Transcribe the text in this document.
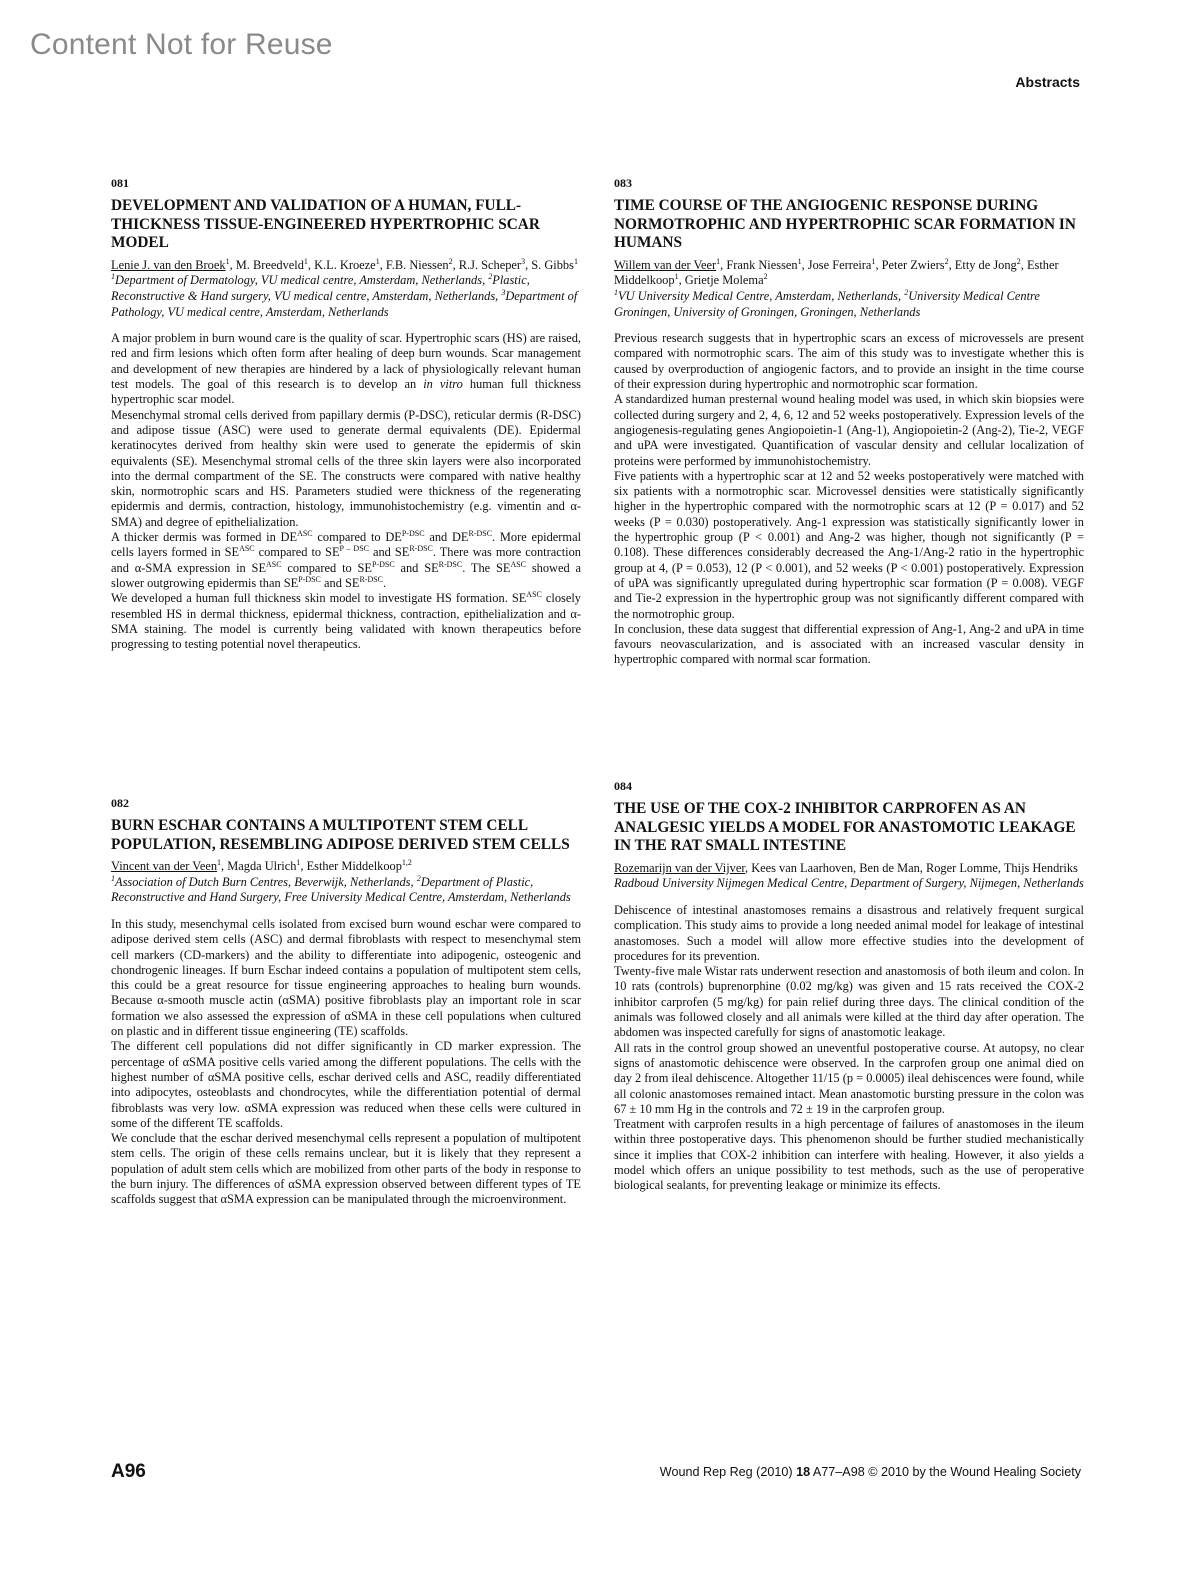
Content Not for Reuse
Abstracts
081
DEVELOPMENT AND VALIDATION OF A HUMAN, FULL-THICKNESS TISSUE-ENGINEERED HYPERTROPHIC SCAR MODEL
Lenie J. van den Broek$^1$, M. Breedveld$^1$, K.L. Kroeze$^1$, F.B. Niessen$^2$, R.J. Scheper$^3$, S. Gibbs$^1$
$^1$Department of Dermatology, VU medical centre, Amsterdam, Netherlands, $^2$Plastic, Reconstructive & Hand surgery, VU medical centre, Amsterdam, Netherlands, $^3$Department of Pathology, VU medical centre, Amsterdam, Netherlands

A major problem in burn wound care is the quality of scar. Hypertrophic scars (HS) are raised, red and firm lesions which often form after healing of deep burn wounds. Scar management and development of new therapies are hindered by a lack of physiologically relevant human test models. The goal of this research is to develop an in vitro human full thickness hypertrophic scar model.

Mesenchymal stromal cells derived from papillary dermis (P-DSC), reticular dermis (R-DSC) and adipose tissue (ASC) were used to generate dermal equivalents (DE). Epidermal keratinocytes derived from healthy skin were used to generate the epidermis of skin equivalents (SE). Mesenchymal stromal cells of the three skin layers were also incorporated into the dermal compartment of the SE. The constructs were compared with native healthy skin, normotrophic scars and HS. Parameters studied were thickness of the regenerating epidermis and dermis, contraction, histology, immunohistochemistry (e.g. vimentin and α-SMA) and degree of epithelialization.

A thicker dermis was formed in $DE^{ASC}$ compared to $DE^{P-DSC}$ and $DE^{R-DSC}$. More epidermal cells layers formed in $SE^{ASC}$ compared to $SE^{P - DSC}$ and $SE^{R-DSC}$. There was more contraction and α-SMA expression in $SE^{ASC}$ compared to $SE^{P-DSC}$ and $SE^{R-DSC}$. The $SE^{ASC}$ showed a slower outgrowing epidermis than $SE^{P-DSC}$ and $SE^{R-DSC}$.

We developed a human full thickness skin model to investigate HS formation. $SE^{ASC}$ closely resembled HS in dermal thickness, epidermal thickness, contraction, epithelialization and α-SMA staining. The model is currently being validated with known therapeutics before progressing to testing potential novel therapeutics.

082
BURN ESCHAR CONTAINS A MULTIPOTENT STEM CELL POPULATION, RESEMBLING ADIPOSE DERIVED STEM CELLS
Vincent van der Veen$^1$, Magda Ulrich$^1$, Esther Middelkoop$^{1,2}$
$^1$Association of Dutch Burn Centres, Beverwijk, Netherlands, $^2$Department of Plastic, Reconstructive and Hand Surgery, Free University Medical Centre, Amsterdam, Netherlands

In this study, mesenchymal cells isolated from excised burn wound eschar were compared to adipose derived stem cells (ASC) and dermal fibroblasts with respect to mesenchymal stem cell markers (CD-markers) and the ability to differentiate into adipogenic, osteogenic and chondrogenic lineages. If burn Eschar indeed contains a population of multipotent stem cells, this could be a great resource for tissue engineering approaches to healing burn wounds. Because α-smooth muscle actin (αSMA) positive fibroblasts play an important role in scar formation we also assessed the expression of αSMA in these cell populations when cultured on plastic and in different tissue engineering (TE) scaffolds.

The different cell populations did not differ significantly in CD marker expression. The percentage of αSMA positive cells varied among the different populations. The cells with the highest number of αSMA positive cells, eschar derived cells and ASC, readily differentiated into adipocytes, osteoblasts and chondrocytes, while the differentiation potential of dermal fibroblasts was very low. αSMA expression was reduced when these cells were cultured in some of the different TE scaffolds.

We conclude that the eschar derived mesenchymal cells represent a population of multipotent stem cells. The origin of these cells remains unclear, but it is likely that they represent a population of adult stem cells which are mobilized from other parts of the body in response to the burn injury. The differences of αSMA expression observed between different types of TE scaffolds suggest that αSMA expression can be manipulated through the microenvironment.

083
TIME COURSE OF THE ANGIOGENIC RESPONSE DURING NORMOTROPHIC AND HYPERTROPHIC SCAR FORMATION IN HUMANS
Willem van der Veer$^1$, Frank Niessen$^1$, Jose Ferreira$^1$, Peter Zwiers$^2$, Etty de Jong$^2$, Esther Middelkoop$^1$, Grietje Molema$^2$
$^1$VU University Medical Centre, Amsterdam, Netherlands, $^2$University Medical Centre Groningen, University of Groningen, Groningen, Netherlands

Previous research suggests that in hypertrophic scars an excess of microvessels are present compared with normotrophic scars. The aim of this study was to investigate whether this is caused by overproduction of angiogenic factors, and to provide an insight in the time course of their expression during hypertrophic and normotrophic scar formation.

A standardized human presternal wound healing model was used, in which skin biopsies were collected during surgery and 2, 4, 6, 12 and 52 weeks postoperatively. Expression levels of the angiogenesis-regulating genes Angiopoietin-1 (Ang-1), Angiopoietin-2 (Ang-2), Tie-2, VEGF and uPA were investigated. Quantification of vascular density and cellular localization of proteins were performed by immunohistochemistry.

Five patients with a hypertrophic scar at 12 and 52 weeks postoperatively were matched with six patients with a normotrophic scar. Microvessel densities were statistically significantly higher in the hypertrophic compared with the normotrophic scars at 12 (P = 0.017) and 52 weeks (P = 0.030) postoperatively. Ang-1 expression was statistically significantly lower in the hypertrophic group (P < 0.001) and Ang-2 was higher, though not significantly (P = 0.108). These differences considerably decreased the Ang-1/Ang-2 ratio in the hypertrophic group at 4, (P = 0.053), 12 (P < 0.001), and 52 weeks (P < 0.001) postoperatively. Expression of uPA was significantly upregulated during hypertrophic scar formation (P = 0.008). VEGF and Tie-2 expression in the hypertrophic group was not significantly different compared with the normotrophic group.

In conclusion, these data suggest that differential expression of Ang-1, Ang-2 and uPA in time favours neovascularization, and is associated with an increased vascular density in hypertrophic compared with normal scar formation.

084
THE USE OF THE COX-2 INHIBITOR CARPROFEN AS AN ANALGESIC YIELDS A MODEL FOR ANASTOMOTIC LEAKAGE IN THE RAT SMALL INTESTINE
Rozemarijn van der Vijver, Kees van Laarhoven, Ben de Man, Roger Lomme, Thijs Hendriks
Radboud University Nijmegen Medical Centre, Department of Surgery, Nijmegen, Netherlands

Dehiscence of intestinal anastomoses remains a disastrous and relatively frequent surgical complication. This study aims to provide a long needed animal model for leakage of intestinal anastomoses. Such a model will allow more effective studies into the development of procedures for its prevention.

Twenty-five male Wistar rats underwent resection and anastomosis of both ileum and colon. In 10 rats (controls) buprenorphine (0.02 mg/kg) was given and 15 rats received the COX-2 inhibitor carprofen (5 mg/kg) for pain relief during three days. The clinical condition of the animals was followed closely and all animals were killed at the third day after operation. The abdomen was inspected carefully for signs of anastomotic leakage.

All rats in the control group showed an uneventful postoperative course. At autopsy, no clear signs of anastomotic dehiscence were observed. In the carprofen group one animal died on day 2 from ileal dehiscence. Altogether 11/15 (p = 0.0005) ileal dehiscences were found, while all colonic anastomoses remained intact. Mean anastomotic bursting pressure in the colon was 67 ± 10 mm Hg in the controls and 72 ± 19 in the carprofen group.

Treatment with carprofen results in a high percentage of failures of anastomoses in the ileum within three postoperative days. This phenomenon should be further studied mechanistically since it implies that COX-2 inhibition can interfere with healing. However, it also yields a model which offers an unique possibility to test methods, such as the use of peroperative biological sealants, for preventing leakage or minimize its effects.

A96	Wound Rep Reg (2010) 18 A77–A98 © 2010 by the Wound Healing Society
